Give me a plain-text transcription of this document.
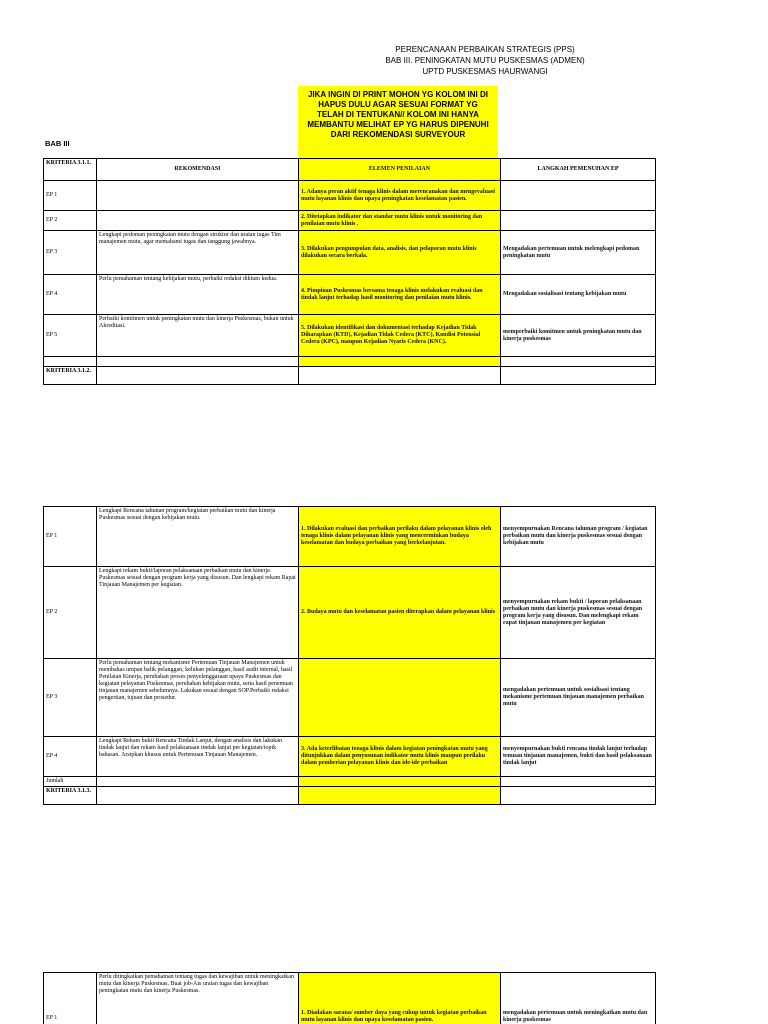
PERENCANAAN PERBAIKAN STRATEGIS (PPS)
BAB III. PENINGKATAN MUTU PUSKESMAS (ADMEN)
UPTD PUSKESMAS HAURWANGI
JIKA INGIN DI PRINT MOHON YG KOLOM INI DI HAPUS DULU AGAR SESUAI FORMAT YG TELAH DI TENTUKAN// KOLOM INI HANYA MEMBANTU MELIHAT EP YG HARUS DIPENUHI DARI REKOMENDASI SURVEYOUR
BAB III
KRITERIA 3.1.1.	REKOMENDASI	ELEMEN PENILAIAN	LANGKAH PEMENUHAN EP
EP 1		1. Adanya peran aktif tenaga klinis dalam merencanakan dan mengevaluasi mutu layanan klinis dan upaya peningkatan keselamatan pasien.	
EP 2		2. Ditetapkan indikator dan standar mutu klinis untuk monitoring dan penilaian mutu klinis .	
EP 3	Lengkapi pedoman peningkatan mutu dengan struktur dan uraian tugas Tim manajemen mutu, agar memahami tugas dan tanggung jawabnya.	3. Dilakukan pengumpulan data, analisis, dan pelaporan mutu klinis dilakukan secara berkala.	Mengadakan pertemuan untuk melengkapi pedoman peningkatan mutu
EP 4	Perlu pemahaman tentang kebijakan mutu, perbaiki redaksi diktum kedua.	4. Pimpinan Puskesmas bersama tenaga klinis melakukan evaluasi dan tindak lanjut terhadap hasil monitoring dan penilaian mutu klinis.	Mengadakan sosialisasi tentang kebijakan mutu
EP 5	Perbaiki komitmen untuk peningkatan mutu dan kinerja Puskesmas, bukan untuk Akreditasi.	5. Dilakukan identifikasi dan dokumentasi terhadap Kejadian Tidak Diharapkan (KTD), Kejadian Tidak Cedera (KTC), Kondisi Potensial Cedera (KPC), maupun Kejadian Nyaris Cedera (KNC).	memperbaiki komitmen untuk peningkatan mutu dan kinerja puskesmas

KRITERIA 3.1.2.			
EP 1	Lengkapi Rencana tahunan program/kegiatan perbaikan mutu dan kinerja Puskesmas sesuai dengan kebijakan mutu.	1. Dilakukan evaluasi dan perbaikan perilaku dalam pelayanan klinis oleh tenaga klinis dalam pelayanan klinis yang mencerminkan budaya keselamatan dan budaya perbaikan yang berkelanjutan.	menyempurnakan Rencana tahunan program / kegiatan perbaikan mutu dan kinerja puskesmas sesuai dengan kebijakan mutu
EP 2	Lengkapi rekam bukti/laporan pelaksanaan perbaikan mutu dan kinerja Puskesmas sesuai dengan program kerja yang disusun. Dan lengkapi rekam Rapat Tinjauan Manajemen per kegiatan.	2. Budaya mutu dan keselamatan pasien diterapkan dalam pelayanan klinis	menyempurnakan rekam bukti / laporan pelaksanaan perbaikan mutu dan kinerja puskesmas sesuai dengan program kerja yang disusun. Dan melengkapi rekam rapat tinjauan manajemen per kegiatan
EP 3	Perlu pemahaman tentang mekanisme Pertemuan Tinjauan Manajemen untuk membahas umpan balik pelanggan, keluhan pelanggan, hasil audit internal, hasil Penilaian Kinerja, perubahan proses penyelenggaraan upaya Puskesmas dan kegiatan pelayanan Puskesmas, perubahan kebijakan mutu, serta hasil penemuan tinjauan manajemen sebelumnya. Lakukan sesuai dengan SOP.Perbaiki redaksi pengertian, tujuan dan prosedur.		mengadakan pertemuan untuk sosialisasi tentang mekanisme pertemuan tinjauan manajemen perbaikan mutu
EP 4	Lengkapi Rekam bukti Rencana Tindak Lanjut, dengan analisis dan lakukan tindak lanjut dan rekam hasil pelaksanaan tindak lanjut per kegiatan/topik bahasan. Arsipkan khusus untuk Pertemuan Tinjauan Manajemen.	3. Ada keterlibatan tenaga klinis dalam kegiatan peningkatan mutu yang ditunjukkan dalam penyusunan indikator mutu klinis maupun perilaku dalam pemberian pelayanan klinis dan ide-ide perbaikan	menyempurnakan bukti rencana tindak lanjut terhadap temuan tinjauan manajemen, bukti dan hasil pelaksanaan tindak lanjut
Jumlah			
KRITERIA 3.1.3.			
EP 1	Perlu ditingkatkan pemahaman tentang tugas dan kewajiban untuk meningkatkan mutu dan kinerja Puskesmas. Buat job-Ais uraian tugas dan kewajiban peningkatan mutu dan kinerja Puskesmas.	1. Diadakan sarana/ sumber daya yang cukup untuk kegiatan perbaikan mutu layanan klinis dan upaya keselamatan pasien.	mengadakan pertemuan untuk meningkatkan mutu dan kinerja puskesmas
